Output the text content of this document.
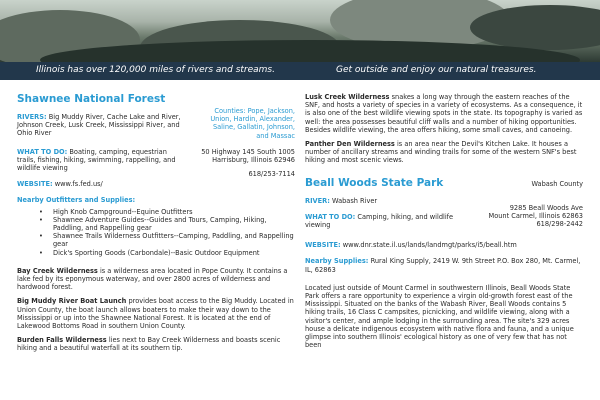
Illinois has over 120,000 miles of rivers and streams.	Get outside and enjoy our natural treasures.
Shawnee National Forest

RIVERS: Big Muddy River, Cache Lake and River, Johnson Creek, Lusk Creek, Mississippi River, and Ohio River

Counties: Pope, Jackson, Union, Hardin, Alexander, Saline, Gallatin, Johnson, and Massac

WHAT TO DO: Boating, camping, equestrian trails, fishing, hiking, swimming, rappelling, and wildlife viewing

50 Highway 145 South 1005
Harrisburg, Illinois 62946
618/253-7114

WEBSITE: www.fs.fed.us/

Nearby Outfitters and Supplies:
• High Knob Campground--Equine Outfitters
• Shawnee Adventure Guides--Guides and Tours, Camping, Hiking, Paddling, and Rappelling gear
• Shawnee Trails Wilderness Outfitters--Camping, Paddling, and Rappelling gear
• Dick's Sporting Goods (Carbondale)--Basic Outdoor Equipment

Bay Creek Wilderness is a wilderness area located in Pope County. It contains a lake fed by its eponymous waterway, and over 2800 acres of wilderness and hardwood forest.

Big Muddy River Boat Launch provides boat access to the Big Muddy. Located in Union County, the boat launch allows boaters to make their way down to the Mississippi or up into the Shawnee National Forest. It is located at the end of Lakewood Bottoms Road in southern Union County.

Burden Falls Wilderness lies next to Bay Creek Wilderness and boasts scenic hiking and a beautiful waterfall at its southern tip.

Lusk Creek Wilderness snakes a long way through the eastern reaches of the SNF, and hosts a variety of species in a variety of ecosystems. As a consequence, it is also one of the best wildlife viewing spots in the state. Its topography is varied as well: the area possesses beautiful cliff walls and a number of hiking opportunities. Besides wildlife viewing, the area offers hiking, some small caves, and canoeing.

Panther Den Wilderness is an area near the Devil's Kitchen Lake. It houses a number of ancillary streams and winding trails for some of the western SNF's best hiking and most scenic views.

Beall Woods State Park	Wabash County

RIVER: Wabash River

WHAT TO DO: Camping, hiking, and wildlife viewing

9285 Beall Woods Ave
Mount Carmel, Illinois 62863
618/298-2442

WEBSITE: www.dnr.state.il.us/lands/landmgt/parks/i5/beall.htm

Nearby Supplies: Rural King Supply, 2419 W. 9th Street P.O. Box 280, Mt. Carmel, IL, 62863

Located just outside of Mount Carmel in southwestern Illinois, Beall Woods State Park offers a rare opportunity to experience a virgin old-growth forest east of the Mississippi. Situated on the banks of the Wabash River, Beall Woods contains 5 hiking trails, 16 Class C campsites, picnicking, and wildlife viewing, along with a visitor's center, and ample lodging in the surrounding area. The site's 329 acres house a delicate indigenous ecosystem with native flora and fauna, and a unique glimpse into southern Illinois' ecological history as one of very few that has not been
